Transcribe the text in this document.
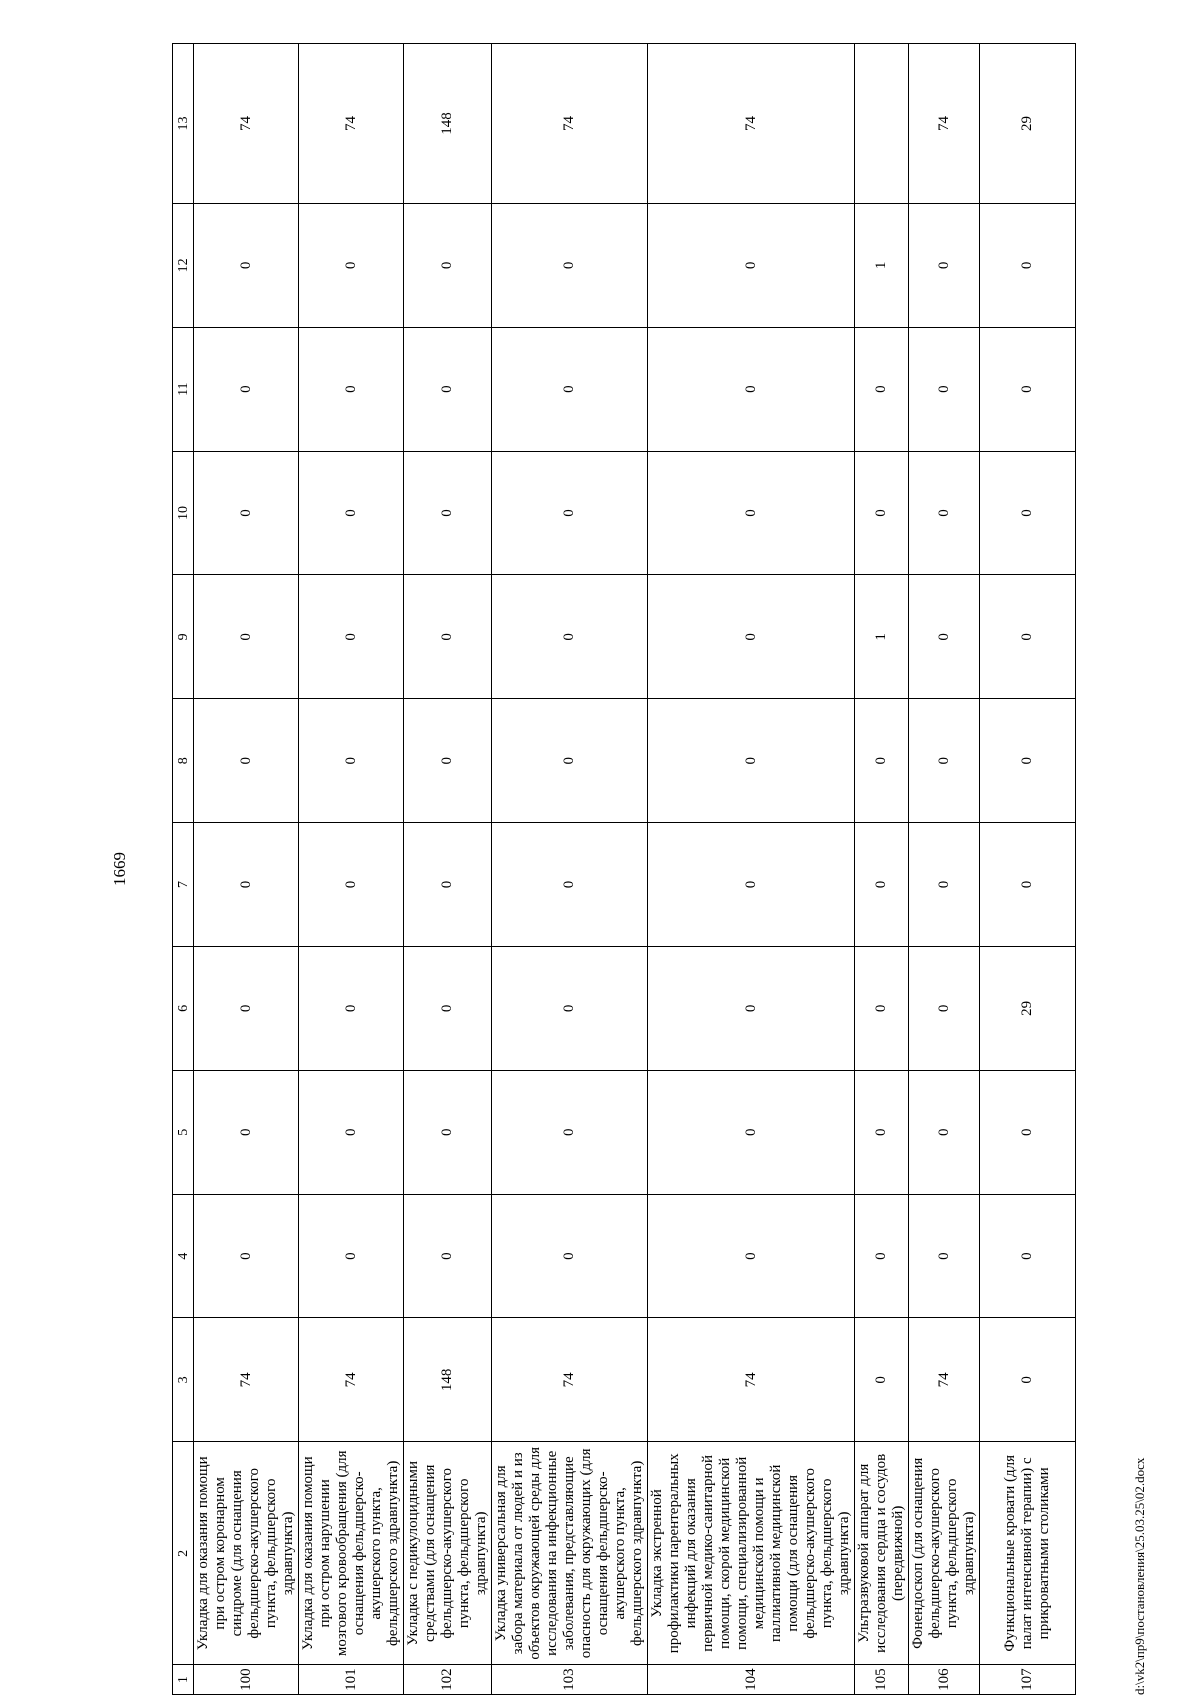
1669
1	2	3	4	5	6	7	8	9	10	11	12	13
100	Укладка для оказания помощи при остром коронарном синдроме (для оснащения фельдшерско-акушерского пункта, фельдшерского здравпункта)	74	0	0	0	0	0	0	0	0	0	74
101	Укладка для оказания помощи при остром нарушении мозгового кровообращения (для оснащения фельдшерско-акушерского пункта, фельдшерского здравпункта)	74	0	0	0	0	0	0	0	0	0	74
102	Укладка с педикулоцидными средствами (для оснащения фельдшерско-акушерского пункта, фельдшерского здравпункта)	148	0	0	0	0	0	0	0	0	0	148
103	Укладка универсальная для забора материала от людей и из объектов окружающей среды для исследования на инфекционные заболевания, представляющие опасность для окружающих (для оснащения фельдшерско-акушерского пункта, фельдшерского здравпункта)	74	0	0	0	0	0	0	0	0	0	74
104	Укладка экстренной профилактики парентеральных инфекций для оказания первичной медико-санитарной помощи, скорой медицинской помощи, специализированной медицинской помощи и паллиативной медицинской помощи (для оснащения фельдшерско-акушерского пункта, фельдшерского здравпункта)	74	0	0	0	0	0	0	0	0	0	74
105	Ультразвуковой аппарат для исследования сердца и сосудов (передвижной)	0	0	0	0	0	0	1	0	0	1	
106	Фонендоскоп (для оснащения фельдшерско-акушерского пункта, фельдшерского здравпункта)	74	0	0	0	0	0	0	0	0	0	74
107	Функциональные кровати (для палат интенсивной терапии) с прикроватными столиками	0	0	0	29	0	0	0	0	0	0	29
d:\vk2\пр9\постановления\25.03.25\02.docx
